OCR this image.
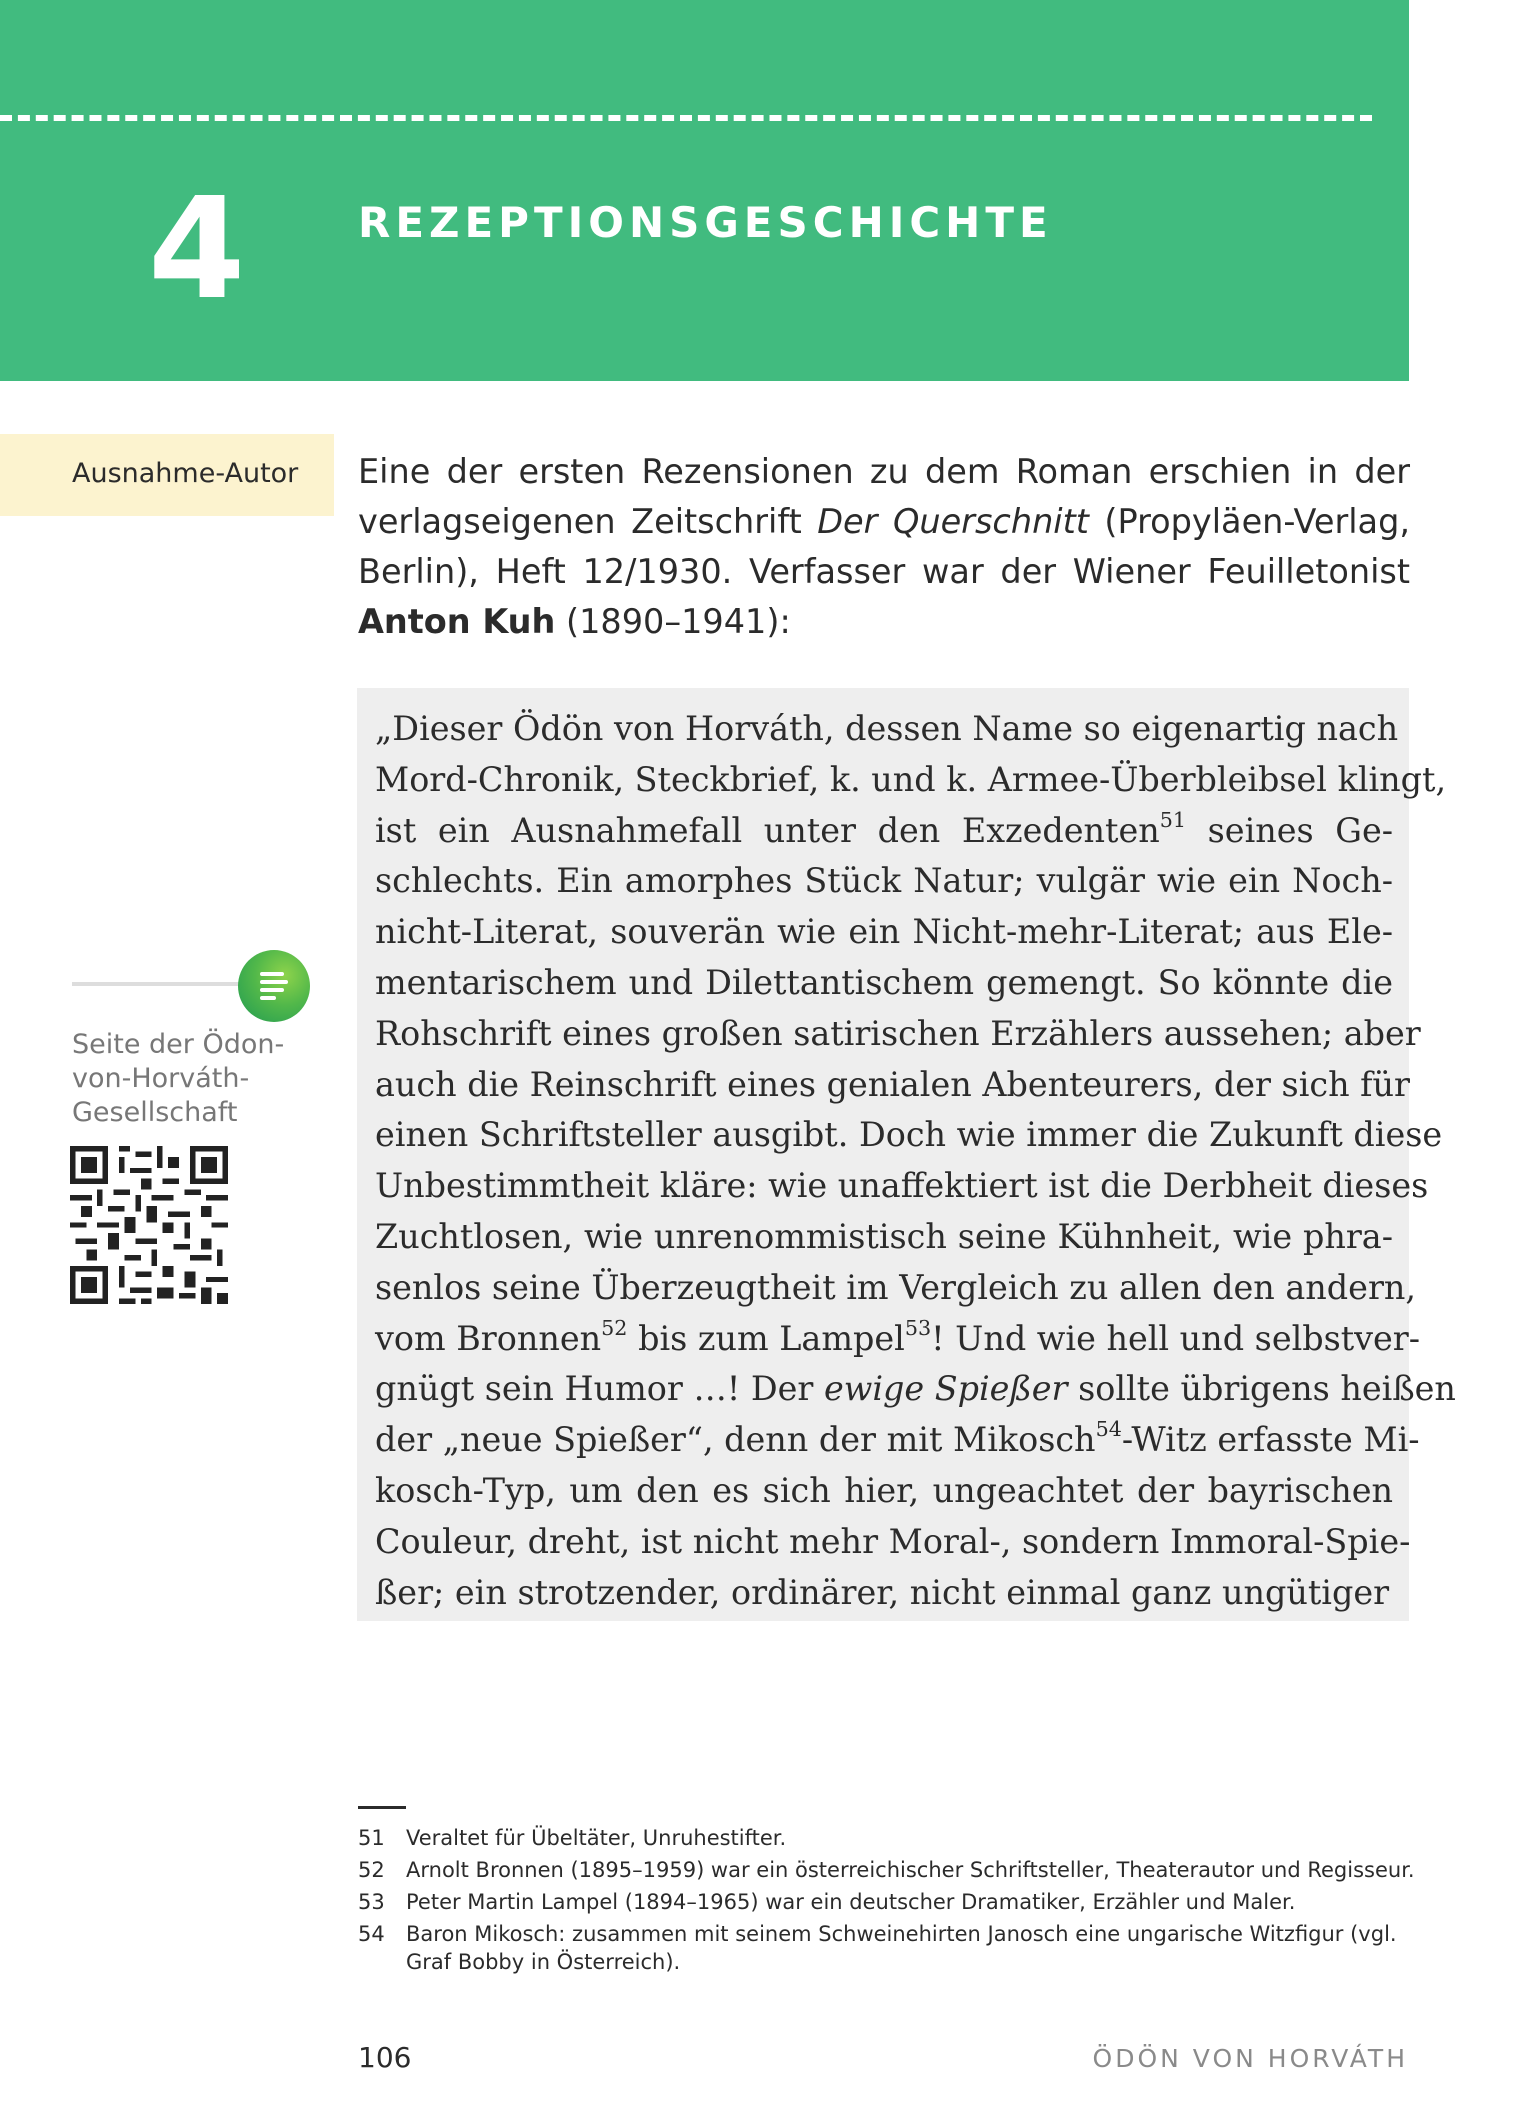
4	REZEPTIONSGESCHICHTE
Ausnahme-Autor Eine der ersten Rezensionen zu dem Roman erschien in der verlagseigenen Zeitschrift Der Querschnitt (Propyläen-Verlag, Berlin), Heft 12/1930. Verfasser war der Wiener Feuilletonist Anton Kuh (1890–1941):

„Dieser Ödön von Horváth, dessen Name so eigenartig nach
Mord-Chronik, Steckbrief, k. und k. Armee-Überbleibsel klingt,
ist ein Ausnahmefall unter den Exzedenten$^{51}$ seines Ge-
schlechts. Ein amorphes Stück Natur; vulgär wie ein Noch-
nicht-Literat, souverän wie ein Nicht-mehr-Literat; aus Ele-
mentarischem und Dilettantischem gemengt. So könnte die
Rohschrift eines großen satirischen Erzählers aussehen; aber
auch die Reinschrift eines genialen Abenteurers, der sich für
einen Schriftsteller ausgibt. Doch wie immer die Zukunft diese
Unbestimmtheit kläre: wie unaffektiert ist die Derbheit dieses
Zuchtlosen, wie unrenommistisch seine Kühnheit, wie phra-
senlos seine Überzeugtheit im Vergleich zu allen den andern,
vom Bronnen$^{52}$ bis zum Lampel$^{53}$! Und wie hell und selbstver-
gnügt sein Humor …! Der ewige Spießer sollte übrigens heißen
der „neue Spießer“, denn der mit Mikosch$^{54}$-Witz erfasste Mi-
kosch-Typ, um den es sich hier, ungeachtet der bayrischen
Couleur, dreht, ist nicht mehr Moral-, sondern Immoral-Spie-
ßer; ein strotzender, ordinärer, nicht einmal ganz ungütiger
Seite der Ödon-
von-Horváth-
Gesellschaft
51	Veraltet für Übeltäter, Unruhestifter.
52	Arnolt Bronnen (1895–1959) war ein österreichischer Schriftsteller, Theaterautor und Regisseur.
53	Peter Martin Lampel (1894–1965) war ein deutscher Dramatiker, Erzähler und Maler.
54	Baron Mikosch: zusammen mit seinem Schweinehirten Janosch eine ungarische Witzfigur (vgl. Graf Bobby in Österreich).
106	ÖDÖN VON HORVÁTH
